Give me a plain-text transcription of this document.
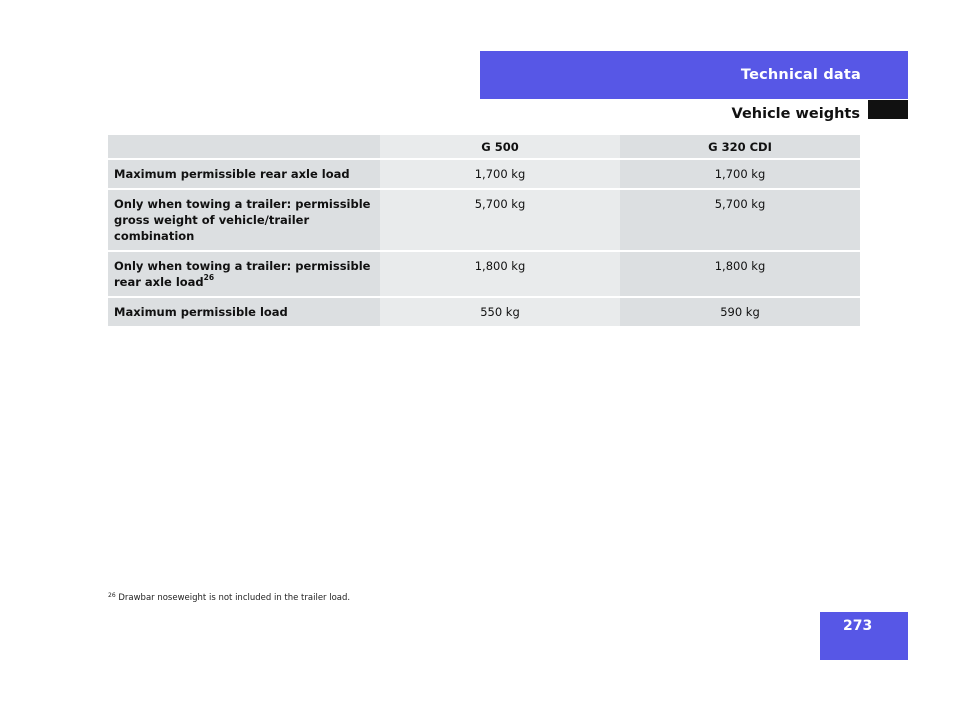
Technical data
Vehicle weights
	G 500	G 320 CDI
Maximum permissible rear axle load	1,700 kg	1,700 kg
Only when towing a trailer: permissible gross weight of vehicle/trailer combination	5,700 kg	5,700 kg
Only when towing a trailer: permissible rear axle load$^{26}$	1,800 kg	1,800 kg
Maximum permissible load	550 kg	590 kg
$^{26}$ Drawbar noseweight is not included in the trailer load.
273
